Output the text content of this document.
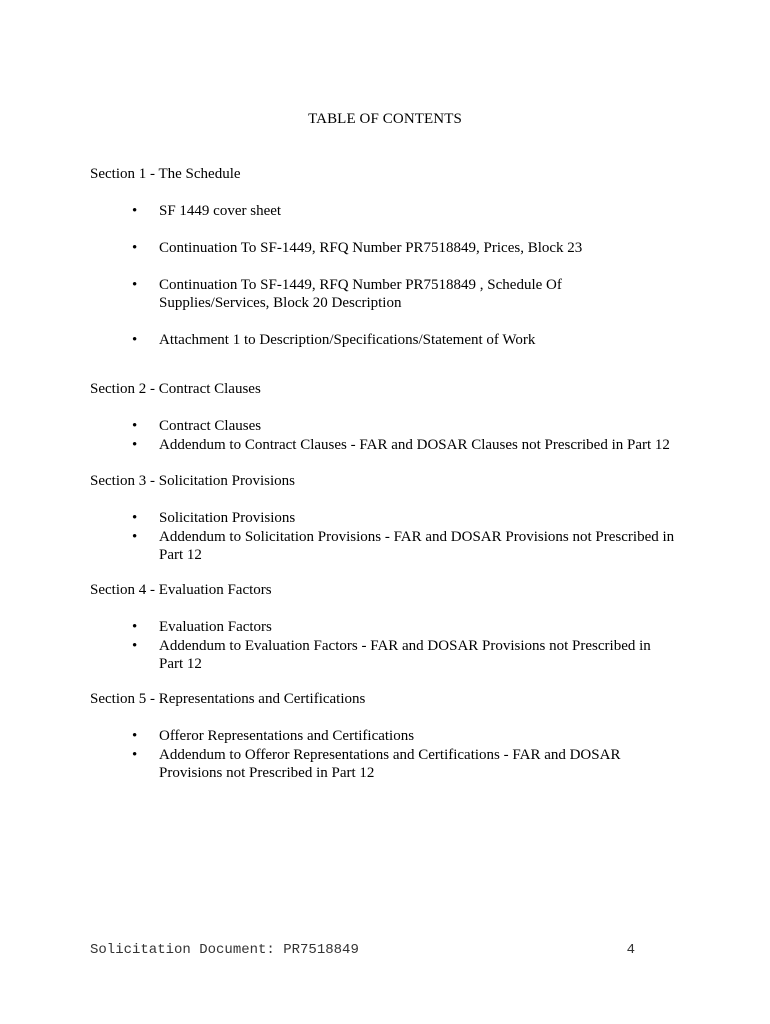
TABLE OF CONTENTS
Section 1 - The Schedule
•	SF 1449 cover sheet
•	Continuation To SF-1449, RFQ Number PR7518849, Prices, Block 23
•	Continuation To SF-1449, RFQ Number PR7518849 , Schedule Of Supplies/Services, Block 20 Description
•	Attachment 1 to Description/Specifications/Statement of Work
Section 2 - Contract Clauses
•	Contract Clauses
•	Addendum to Contract Clauses - FAR and DOSAR Clauses not Prescribed in Part 12
Section 3 - Solicitation Provisions
•	Solicitation Provisions
•	Addendum to Solicitation Provisions - FAR and DOSAR Provisions not Prescribed in Part 12
Section 4 - Evaluation Factors
•	Evaluation Factors
•	Addendum to Evaluation Factors - FAR and DOSAR Provisions not Prescribed in Part 12
Section 5 - Representations and Certifications
•	Offeror Representations and Certifications
•	Addendum to Offeror Representations and Certifications - FAR and DOSAR Provisions not Prescribed in Part 12
Solicitation Document: PR7518849	4
